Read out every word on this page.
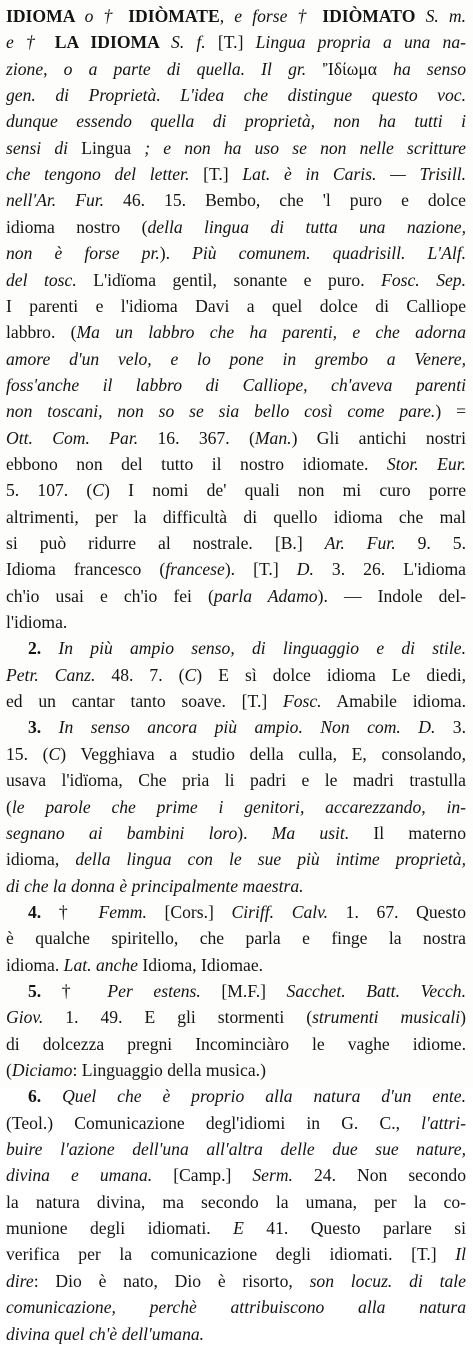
IDIOMA o † IDIÒMATE, e forse † IDIÒMATO S. m.
e † LA IDIOMA S. f. [T.] Lingua propria a una na-
zione, o a parte di quella. Il gr. 'Ἰδίωμα ha senso
gen. di Proprietà. L'idea che distingue questo voc.
dunque essendo quella di proprietà, non ha tutti i
sensi di Lingua ; e non ha uso se non nelle scritture
che tengono del letter. [T.] Lat. è in Caris. — Trisill.
nell'Ar. Fur. 46. 15. Bembo, che 'l puro e dolce
idioma nostro (della lingua di tutta una nazione,
non è forse pr.). Più comunem. quadrisill. L'Alf.
del tosc. L'idïoma gentil, sonante e puro. Fosc. Sep.
I parenti e l'idioma Davi a quel dolce di Calliope
labbro. (Ma un labbro che ha parenti, e che adorna
amore d'un velo, e lo pone in grembo a Venere,
foss'anche il labbro di Calliope, ch'aveva parenti
non toscani, non so se sia bello così come pare.) =
Ott. Com. Par. 16. 367. (Man.) Gli antichi nostri
ebbono non del tutto il nostro idiomate. Stor. Eur.
5. 107. (C) I nomi de' quali non mi curo porre
altrimenti, per la difficultà di quello idioma che mal
si può ridurre al nostrale. [B.] Ar. Fur. 9. 5.
Idioma francesco (francese). [T.] D. 3. 26. L'idioma
ch'io usai e ch'io fei (parla Adamo). — Indole del-
l'idioma.
2. In più ampio senso, di linguaggio e di stile.
Petr. Canz. 48. 7. (C) E sì dolce idioma Le diedi,
ed un cantar tanto soave. [T.] Fosc. Amabile idioma.
3. In senso ancora più ampio. Non com. D. 3.
15. (C) Vegghiava a studio della culla, E, consolando,
usava l'idïoma, Che pria li padri e le madri trastulla
(le parole che prime i genitori, accarezzando, in-
segnano ai bambini loro). Ma usit. Il materno
idioma, della lingua con le sue più intime proprietà,
di che la donna è principalmente maestra.
4. † Femm. [Cors.] Ciriff. Calv. 1. 67. Questo
è qualche spiritello, che parla e finge la nostra
idioma. Lat. anche Idioma, Idiomae.
5. † Per estens. [M.F.] Sacchet. Batt. Vecch.
Giov. 1. 49. E gli stormenti (strumenti musicali)
di dolcezza pregni Incominciàro le vaghe idiome.
(Diciamo: Linguaggio della musica.)
6. Quel che è proprio alla natura d'un ente.
(Teol.) Comunicazione degl'idiomi in G. C., l'attri-
buire l'azione dell'una all'altra delle due sue nature,
divina e umana. [Camp.] Serm. 24. Non secondo
la natura divina, ma secondo la umana, per la co-
munione degli idiomati. E 41. Questo parlare si
verifica per la comunicazione degli idiomati. [T.] Il
dire: Dio è nato, Dio è risorto, son locuz. di tale
comunicazione, perchè attribuiscono alla natura
divina quel ch'è dell'umana.
